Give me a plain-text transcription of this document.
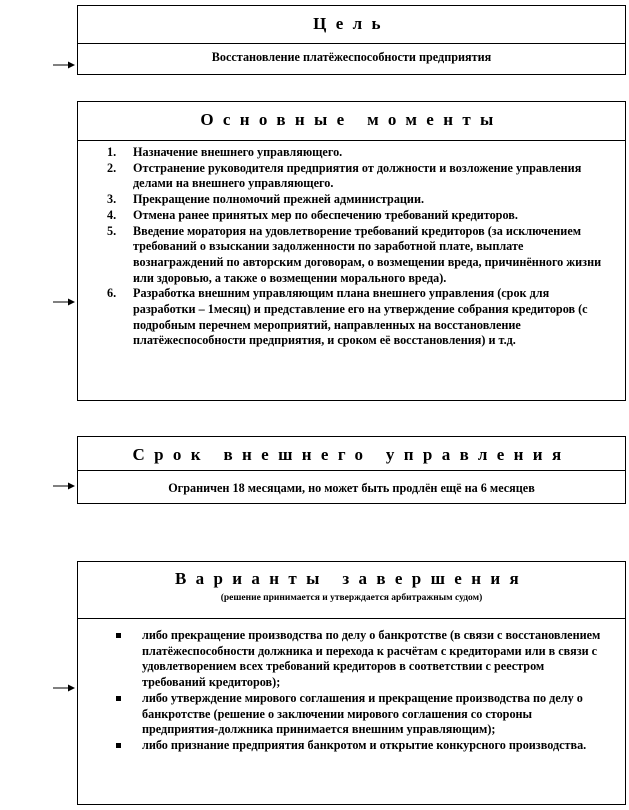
Цель
Восстановление платёжеспособности предприятия
Основные моменты
1. Назначение внешнего управляющего.
2. Отстранение руководителя предприятия от должности и возложение управления делами на внешнего управляющего.
3. Прекращение полномочий прежней администрации.
4. Отмена ранее принятых мер по обеспечению требований кредиторов.
5. Введение моратория на удовлетворение требований кредиторов (за исключением требований о взыскании задолженности по заработной плате, выплате вознаграждений по авторским договорам, о возмещении вреда, причинённого жизни или здоровью, а также о возмещении морального вреда).
6. Разработка внешним управляющим плана внешнего управления (срок для разработки – 1месяц) и представление его на утверждение собрания кредиторов (с подробным перечнем мероприятий, направленных на восстановление платёжеспособности предприятия, и сроком её восстановления) и т.д.
Срок внешнего управления
Ограничен 18 месяцами, но может быть продлён ещё на 6 месяцев
Варианты завершения
(решение принимается и утверждается арбитражным судом)
либо прекращение производства по делу о банкротстве (в связи с восстановлением платёжеспособности должника и перехода к расчётам с кредиторами или в связи с удовлетворением всех требований кредиторов в соответствии с реестром требований кредиторов);
либо утверждение мирового соглашения и прекращение производства по делу о банкротстве (решение о заключении мирового соглашения со стороны предприятия-должника принимается внешним управляющим);
либо признание предприятия банкротом и открытие конкурсного производства.
